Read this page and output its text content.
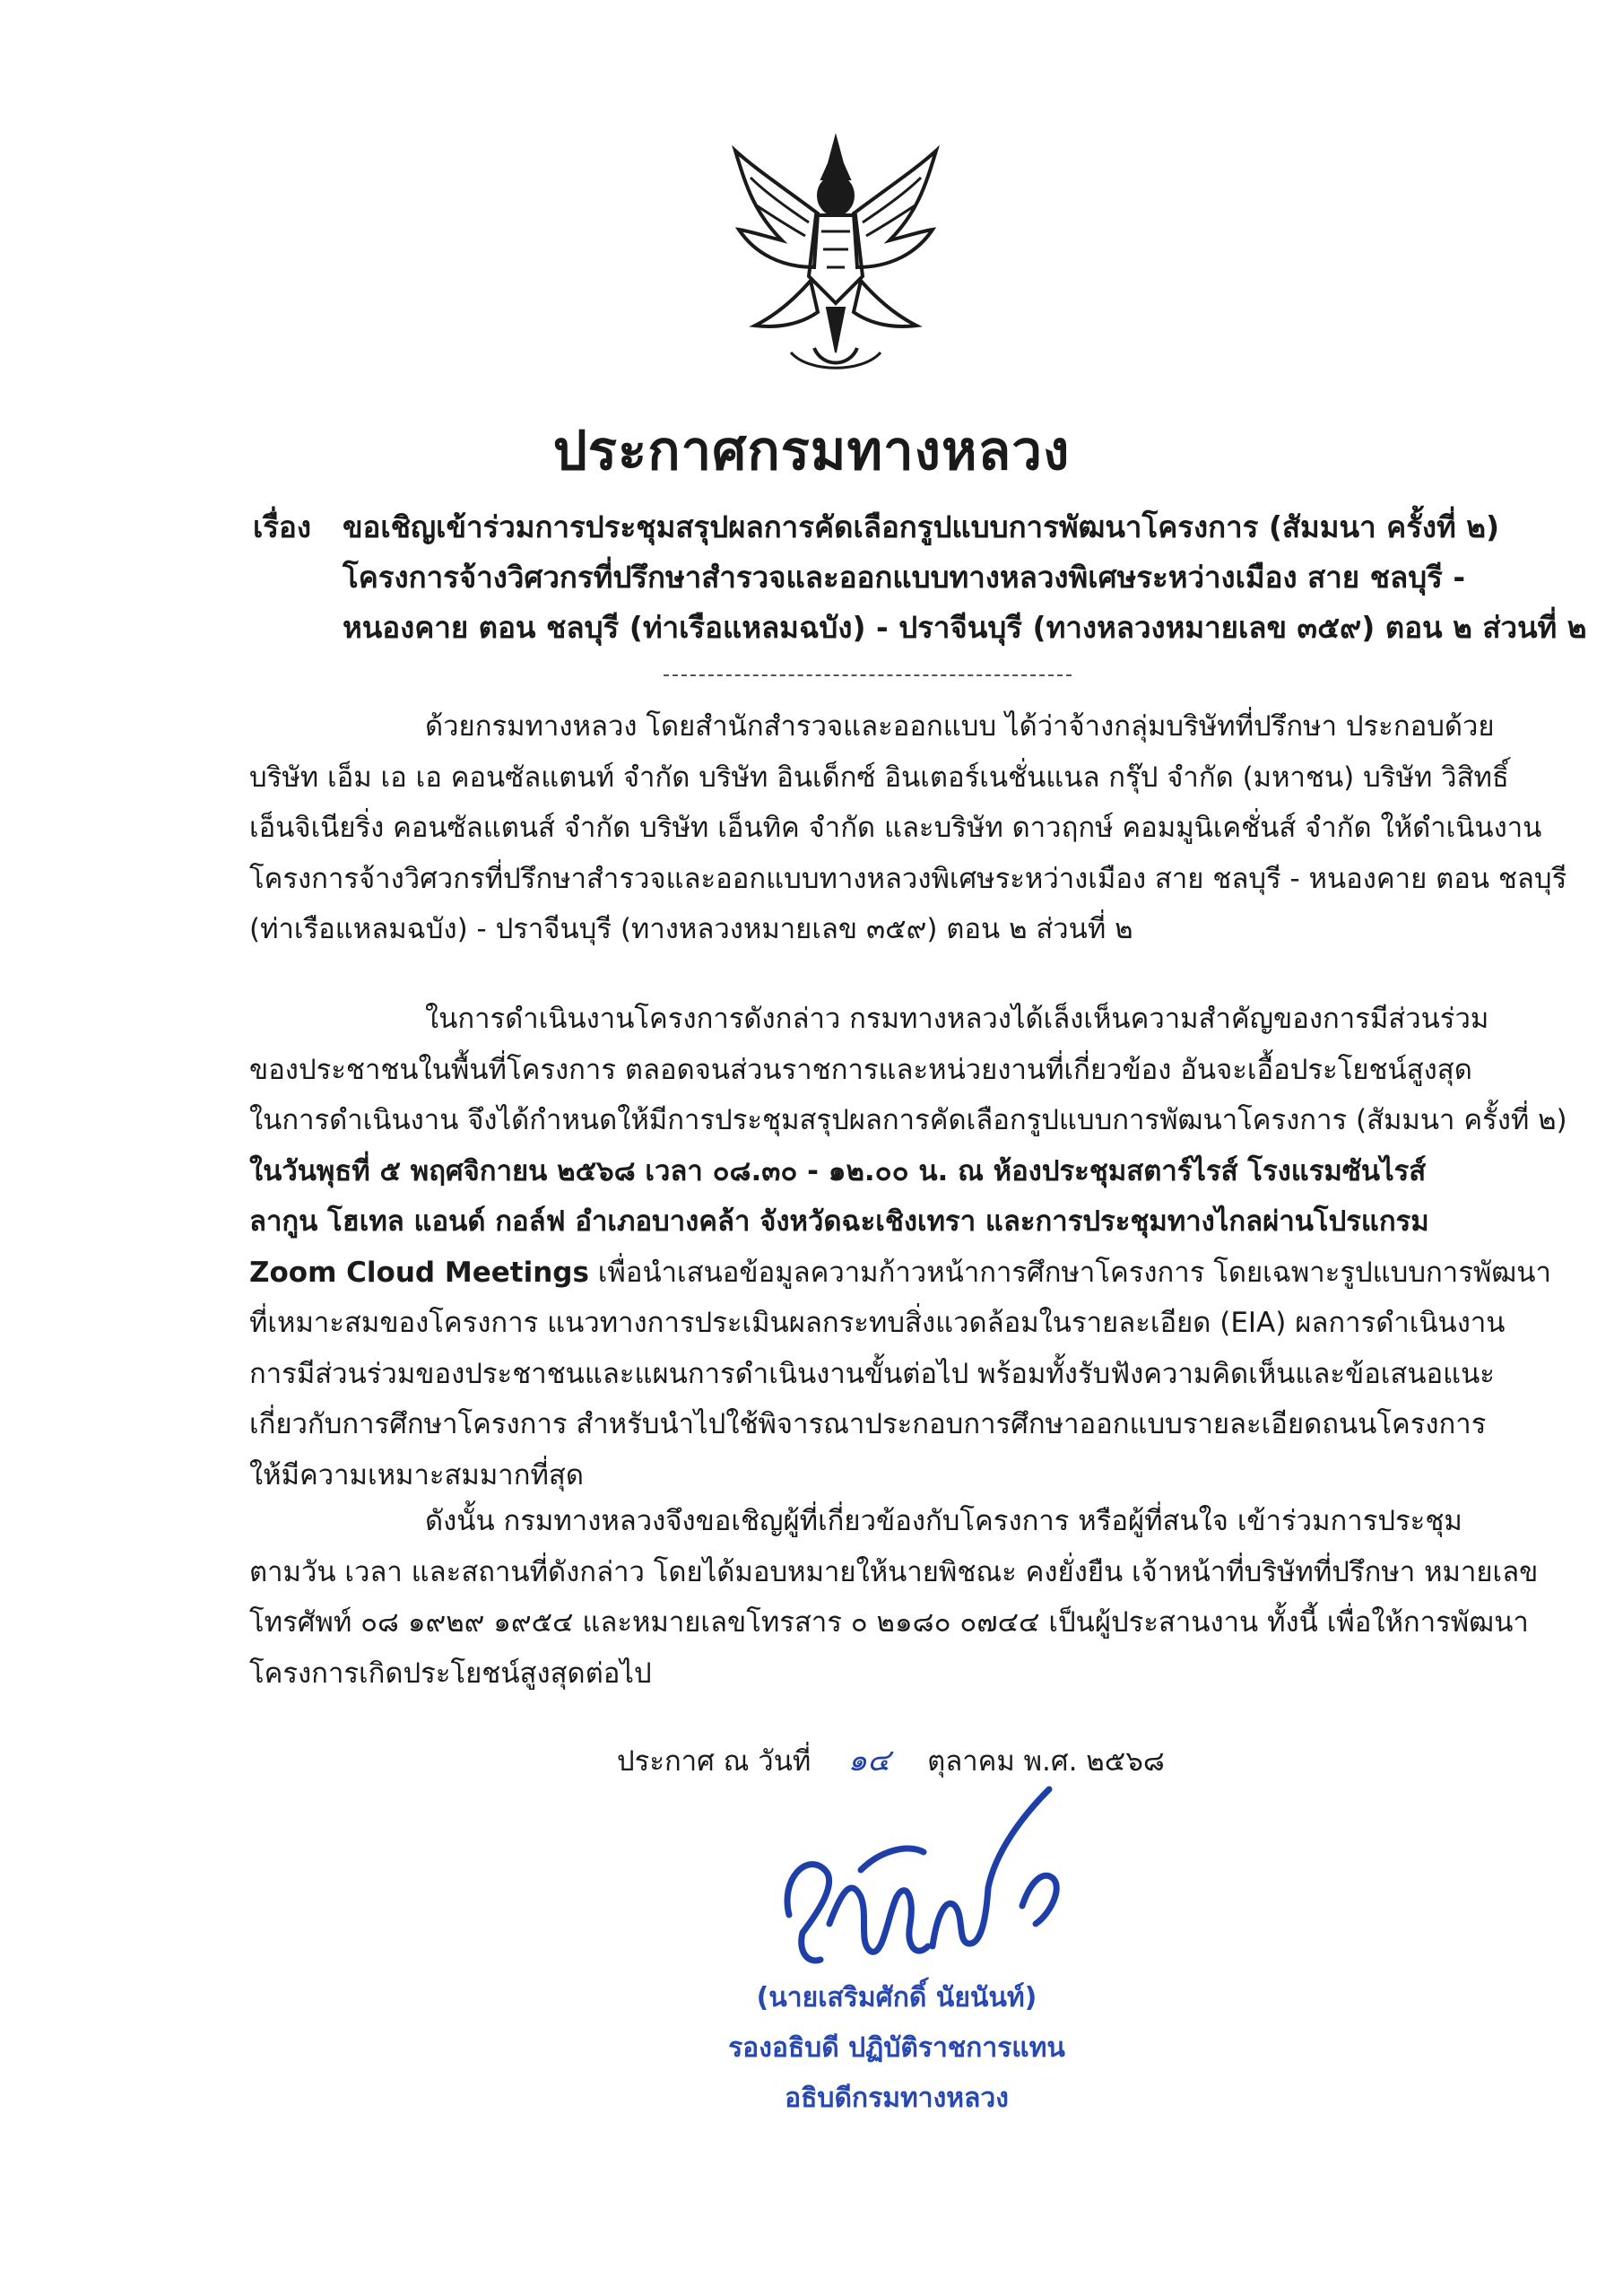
ประกาศกรมทางหลวง
เรื่อง	ขอเชิญเข้าร่วมการประชุมสรุปผลการคัดเลือกรูปแบบการพัฒนาโครงการ (สัมมนา ครั้งที่ ๒)
โครงการจ้างวิศวกรที่ปรึกษาสำรวจและออกแบบทางหลวงพิเศษระหว่างเมือง สาย ชลบุรี -
หนองคาย ตอน ชลบุรี (ท่าเรือแหลมฉบัง) - ปราจีนบุรี (ทางหลวงหมายเลข ๓๕๙) ตอน ๒ ส่วนที่ ๒
ด้วยกรมทางหลวง โดยสำนักสำรวจและออกแบบ ได้ว่าจ้างกลุ่มบริษัทที่ปรึกษา ประกอบด้วย
บริษัท เอ็ม เอ เอ คอนซัลแตนท์ จำกัด บริษัท อินเด็กซ์ อินเตอร์เนชั่นแนล กรุ๊ป จำกัด (มหาชน) บริษัท วิสิทธิ์
เอ็นจิเนียริ่ง คอนซัลแตนส์ จำกัด บริษัท เอ็นทิค จำกัด และบริษัท ดาวฤกษ์ คอมมูนิเคชั่นส์ จำกัด ให้ดำเนินงาน
โครงการจ้างวิศวกรที่ปรึกษาสำรวจและออกแบบทางหลวงพิเศษระหว่างเมือง สาย ชลบุรี - หนองคาย ตอน ชลบุรี
(ท่าเรือแหลมฉบัง) - ปราจีนบุรี (ทางหลวงหมายเลข ๓๕๙) ตอน ๒ ส่วนที่ ๒
ในการดำเนินงานโครงการดังกล่าว กรมทางหลวงได้เล็งเห็นความสำคัญของการมีส่วนร่วม
ของประชาชนในพื้นที่โครงการ ตลอดจนส่วนราชการและหน่วยงานที่เกี่ยวข้อง อันจะเอื้อประโยชน์สูงสุด
ในการดำเนินงาน จึงได้กำหนดให้มีการประชุมสรุปผลการคัดเลือกรูปแบบการพัฒนาโครงการ (สัมมนา ครั้งที่ ๒)
ในวันพุธที่ ๕ พฤศจิกายน ๒๕๖๘ เวลา ๐๘.๓๐ - ๑๒.๐๐ น. ณ ห้องประชุมสตาร์ไรส์ โรงแรมซันไรส์
ลากูน โฮเทล แอนด์ กอล์ฟ อำเภอบางคล้า จังหวัดฉะเชิงเทรา และการประชุมทางไกลผ่านโปรแกรม
Zoom Cloud Meetings เพื่อนำเสนอข้อมูลความก้าวหน้าการศึกษาโครงการ โดยเฉพาะรูปแบบการพัฒนา
ที่เหมาะสมของโครงการ แนวทางการประเมินผลกระทบสิ่งแวดล้อมในรายละเอียด (EIA) ผลการดำเนินงาน
การมีส่วนร่วมของประชาชนและแผนการดำเนินงานขั้นต่อไป พร้อมทั้งรับฟังความคิดเห็นและข้อเสนอแนะ
เกี่ยวกับการศึกษาโครงการ สำหรับนำไปใช้พิจารณาประกอบการศึกษาออกแบบรายละเอียดถนนโครงการ
ให้มีความเหมาะสมมากที่สุด
ดังนั้น กรมทางหลวงจึงขอเชิญผู้ที่เกี่ยวข้องกับโครงการ หรือผู้ที่สนใจ เข้าร่วมการประชุม
ตามวัน เวลา และสถานที่ดังกล่าว โดยได้มอบหมายให้นายพิชณะ คงยั่งยืน เจ้าหน้าที่บริษัทที่ปรึกษา หมายเลข
โทรศัพท์ ๐๘ ๑๙๒๙ ๑๙๕๔ และหมายเลขโทรสาร ๐ ๒๑๘๐ ๐๗๔๔ เป็นผู้ประสานงาน ทั้งนี้ เพื่อให้การพัฒนา
โครงการเกิดประโยชน์สูงสุดต่อไป
ประกาศ ณ วันที่ ๑๔ ตุลาคม พ.ศ. ๒๕๖๘
(นายเสริมศักดิ์ นัยนันท์)
รองอธิบดี ปฏิบัติราชการแทน
อธิบดีกรมทางหลวง
